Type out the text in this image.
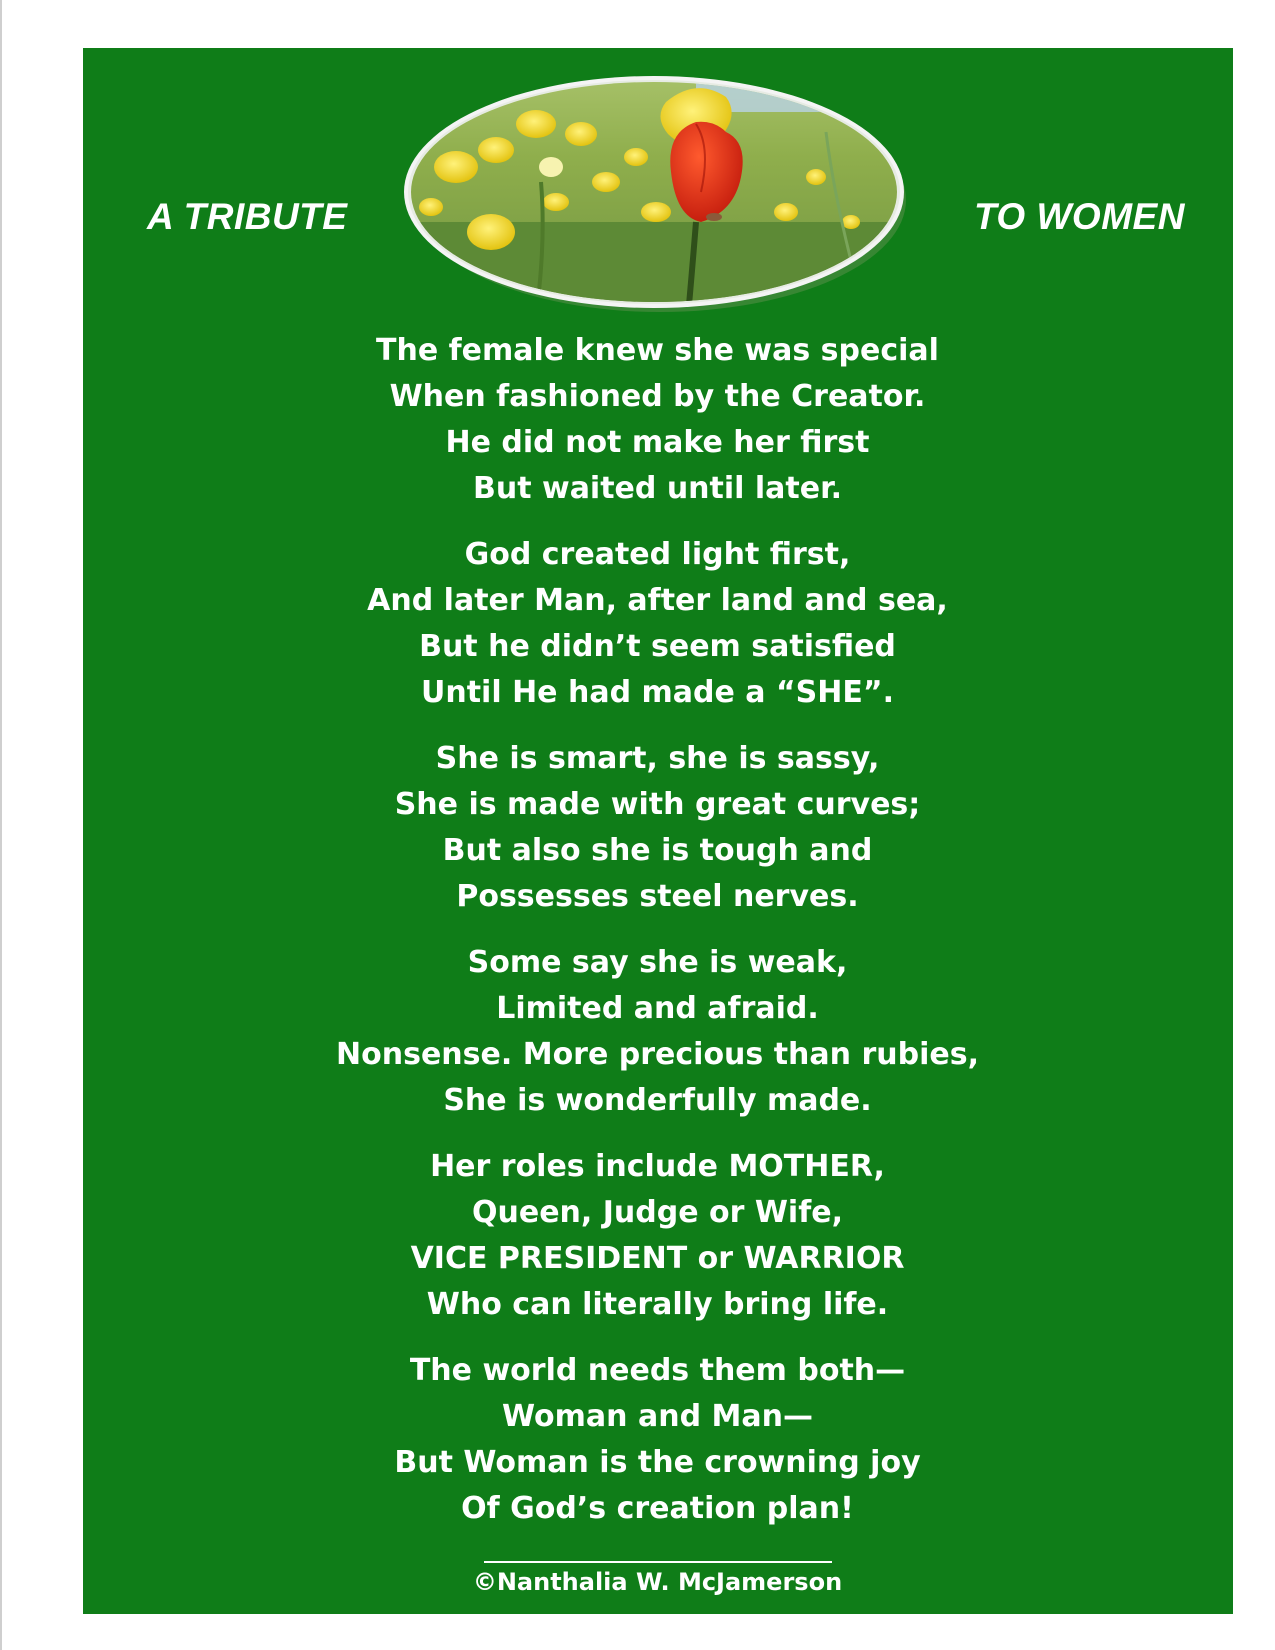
A TRIBUTE	TO WOMEN
The female knew she was special
When fashioned by the Creator.
He did not make her first
But waited until later.
God created light first,
And later Man, after land and sea,
But he didn’t seem satisfied
Until He had made a “SHE”.
She is smart, she is sassy,
She is made with great curves;
But also she is tough and
Possesses steel nerves.
Some say she is weak,
Limited and afraid.
Nonsense. More precious than rubies,
She is wonderfully made.
Her roles include MOTHER,
Queen, Judge or Wife,
VICE PRESIDENT or WARRIOR
Who can literally bring life.
The world needs them both—
Woman and Man—
But Woman is the crowning joy
Of God’s creation plan!
©Nanthalia W. McJamerson
